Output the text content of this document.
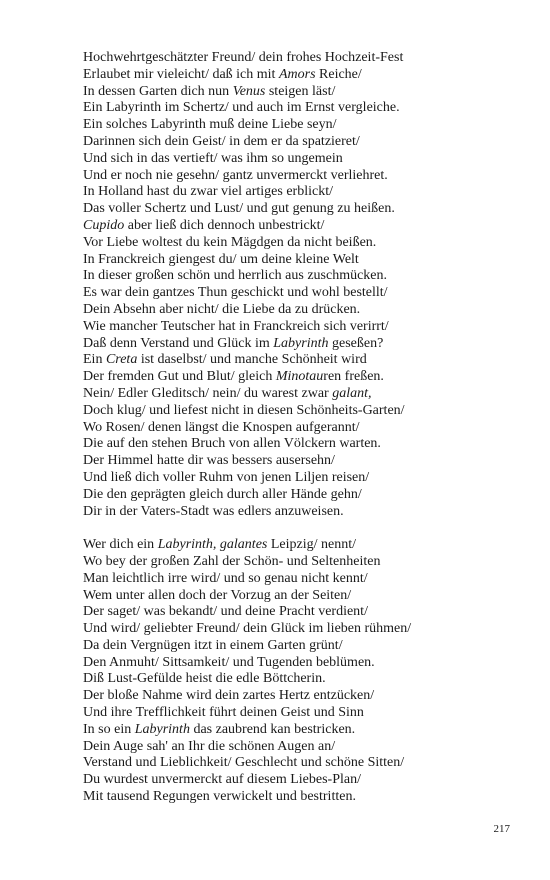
Hochwehrtgeschätzter Freund/ dein frohes Hochzeit-Fest
Erlaubet mir vieleicht/ daß ich mit Amors Reiche/
In dessen Garten dich nun Venus steigen läst/
Ein Labyrinth im Schertz/ und auch im Ernst vergleiche.
Ein solches Labyrinth muß deine Liebe seyn/
Darinnen sich dein Geist/ in dem er da spatzieret/
Und sich in das vertieft/ was ihm so ungemein
Und er noch nie gesehn/ gantz unvermerckt verliehret.
In Holland hast du zwar viel artiges erblickt/
Das voller Schertz und Lust/ und gut genung zu heißen.
Cupido aber ließ dich dennoch unbestrickt/
Vor Liebe woltest du kein Mägdgen da nicht beißen.
In Franckreich giengest du/ um deine kleine Welt
In dieser großen schön und herrlich aus zuschmücken.
Es war dein gantzes Thun geschickt und wohl bestellt/
Dein Absehn aber nicht/ die Liebe da zu drücken.
Wie mancher Teutscher hat in Franckreich sich verirrt/
Daß denn Verstand und Glück im Labyrinth gesеßen?
Ein Creta ist daselbst/ und manche Schönheit wird
Der fremden Gut und Blut/ gleich Minotauren freßen.
Nein/ Edler Gleditsch/ nein/ du warest zwar galant,
Doch klug/ und liefest nicht in diesen Schönheits-Garten/
Wo Rosen/ denen längst die Knospen aufgerannt/
Die auf den stehen Bruch von allen Völckern warten.
Der Himmel hatte dir was bessers ausersehn/
Und ließ dich voller Ruhm von jenen Liljen reisen/
Die den geprägten gleich durch aller Hände gehn/
Dir in der Vaters-Stadt was edlers anzuweisen.
Wer dich ein Labyrinth, galantes Leipzig/ nennt/
Wo bey der großen Zahl der Schön- und Seltenheiten
Man leichtlich irre wird/ und so genau nicht kennt/
Wem unter allen doch der Vorzug an der Seiten/
Der saget/ was bekandt/ und deine Pracht verdient/
Und wird/ geliebter Freund/ dein Glück im lieben rühmen/
Da dein Vergnügen itzt in einem Garten grünt/
Den Anmuht/ Sittsamkeit/ und Tugenden beblümen.
Diß Lust-Gefülde heist die edle Böttcherin.
Der bloße Nahme wird dein zartes Hertz entzücken/
Und ihre Trefflichkeit führt deinen Geist und Sinn
In so ein Labyrinth das zaubrend kan bestricken.
Dein Auge sah' an Ihr die schönen Augen an/
Verstand und Lieblichkeit/ Geschlecht und schöne Sitten/
Du wurdest unvermerckt auf diesem Liebes-Plan/
Mit tausend Regungen verwickelt und bestritten.
217
